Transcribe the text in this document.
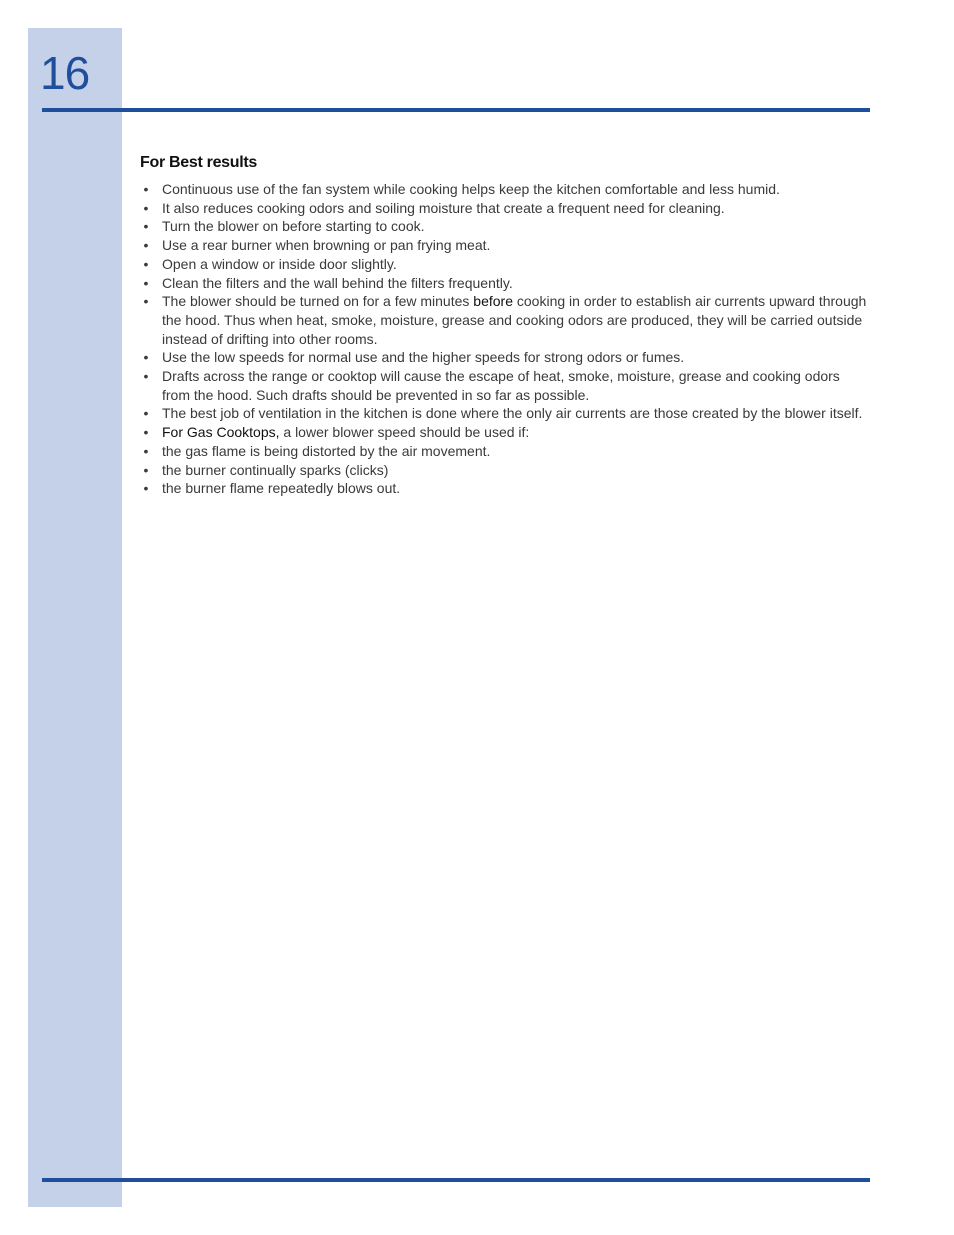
16
For Best results
• Continuous use of the fan system while cooking helps keep the kitchen comfortable and less humid.
• It also reduces cooking odors and soiling moisture that create a frequent need for cleaning.
• Turn the blower on before starting to cook.
• Use a rear burner when browning or pan frying meat.
• Open a window or inside door slightly.
• Clean the filters and the wall behind the filters frequently.
• The blower should be turned on for a few minutes before cooking in order to establish air currents upward through the hood. Thus when heat, smoke, moisture, grease and cooking odors are produced, they will be carried outside instead of drifting into other rooms.
• Use the low speeds for normal use and the higher speeds for strong odors or fumes.
• Drafts across the range or cooktop will cause the escape of heat, smoke, moisture, grease and cooking odors from the hood. Such drafts should be prevented in so far as possible.
• The best job of ventilation in the kitchen is done where the only air currents are those created by the blower itself.
• For Gas Cooktops, a lower blower speed should be used if:
• the gas flame is being distorted by the air movement.
• the burner continually sparks (clicks)
• the burner flame repeatedly blows out.
